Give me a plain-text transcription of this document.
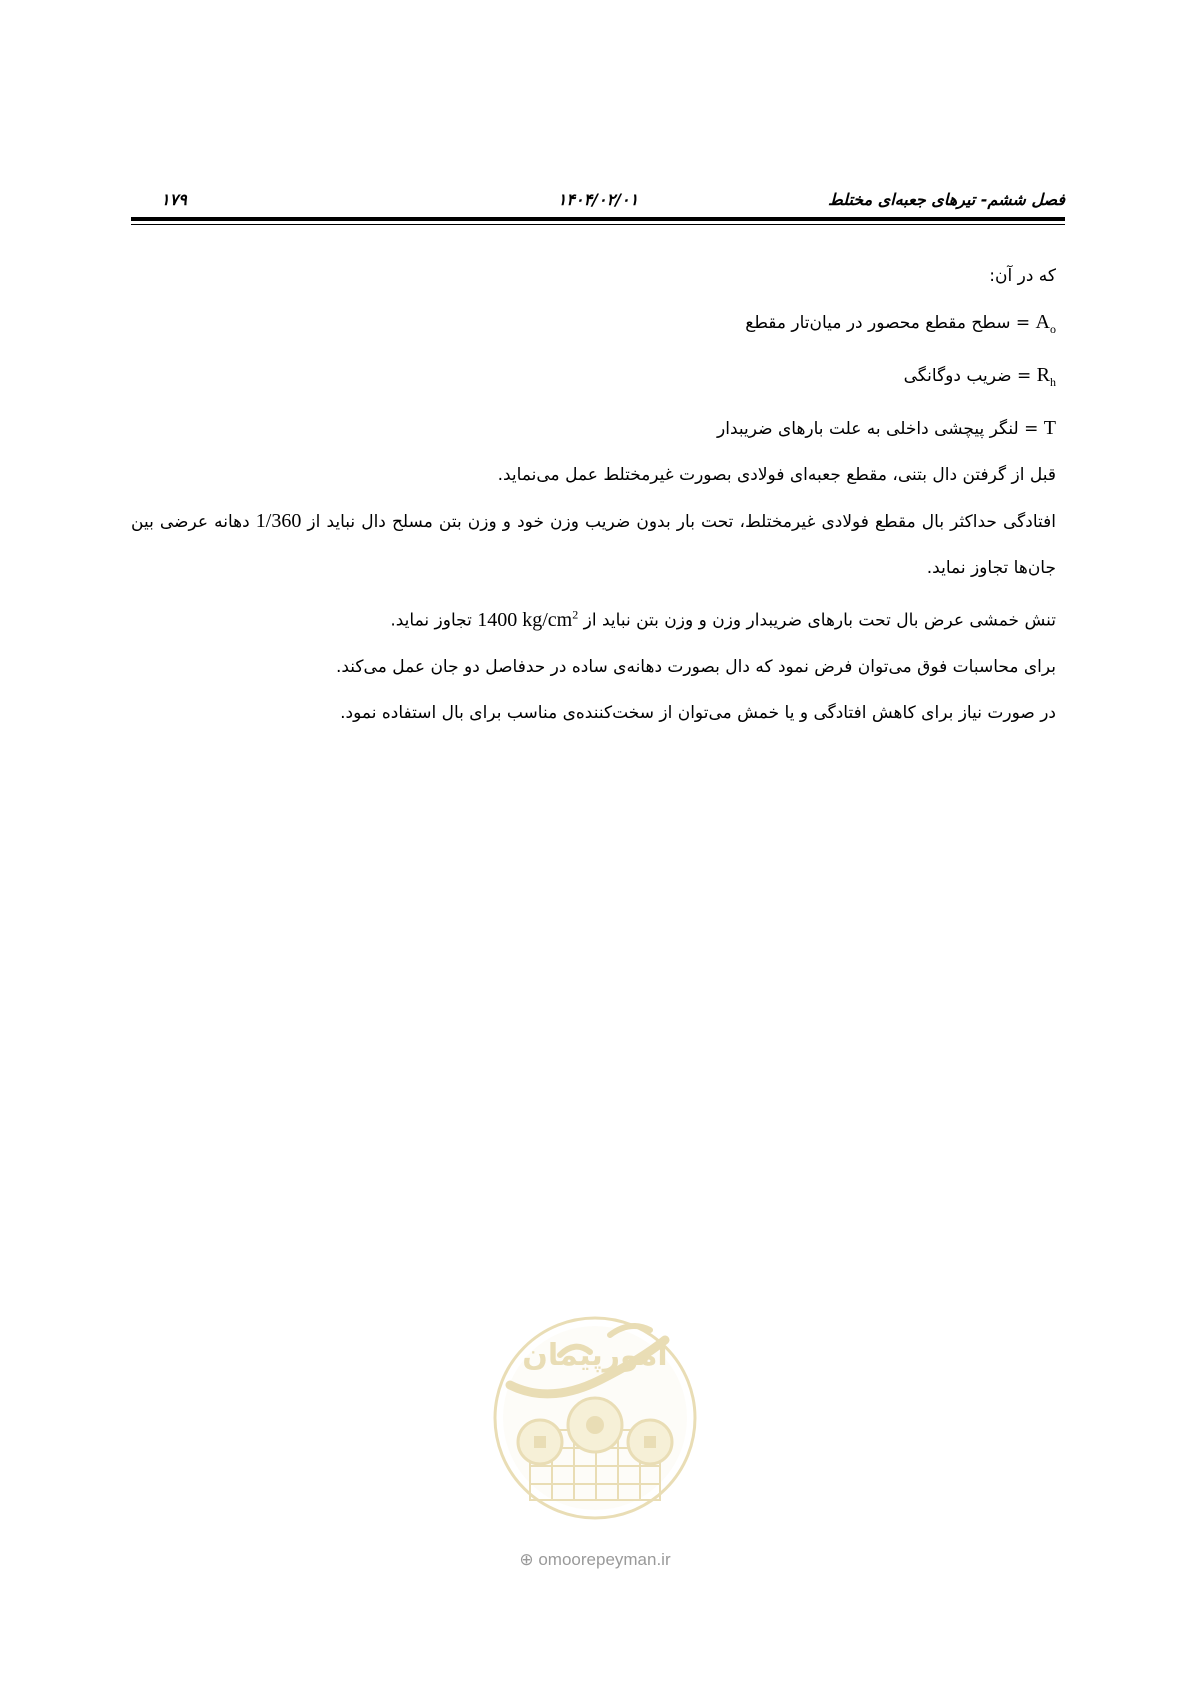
۱۷۹	۱۴۰۴/۰۲/۰۱	فصل ششم- تیرهای جعبه‌ای مختلط

که در آن:

$A_o$ = سطح مقطع محصور در میان‌تار مقطع

$R_h$ = ضریب دوگانگی

T = لنگر پیچشی داخلی به علت بارهای ضریبدار

قبل از گرفتن دال بتنی، مقطع جعبه‌ای فولادی بصورت غیرمختلط عمل می‌نماید.

افتادگی حداکثر بال مقطع فولادی غیرمختلط، تحت بار بدون ضریب وزن خود و وزن بتن مسلح دال نباید از 1/360 دهانه عرضی بین جان‌ها تجاوز نماید.

تنش خمشی عرض بال تحت بارهای ضریبدار وزن و وزن بتن نباید از 1400 $kg/cm^2$ تجاوز نماید.

برای محاسبات فوق می‌توان فرض نمود که دال بصورت دهانه‌ی ساده در حدفاصل دو جان عمل می‌کند.

در صورت نیاز برای کاهش افتادگی و یا خمش می‌توان از سخت‌کننده‌ی مناسب برای بال استفاده نمود.

امورپیمان
⊕ omoorepeyman.ir
